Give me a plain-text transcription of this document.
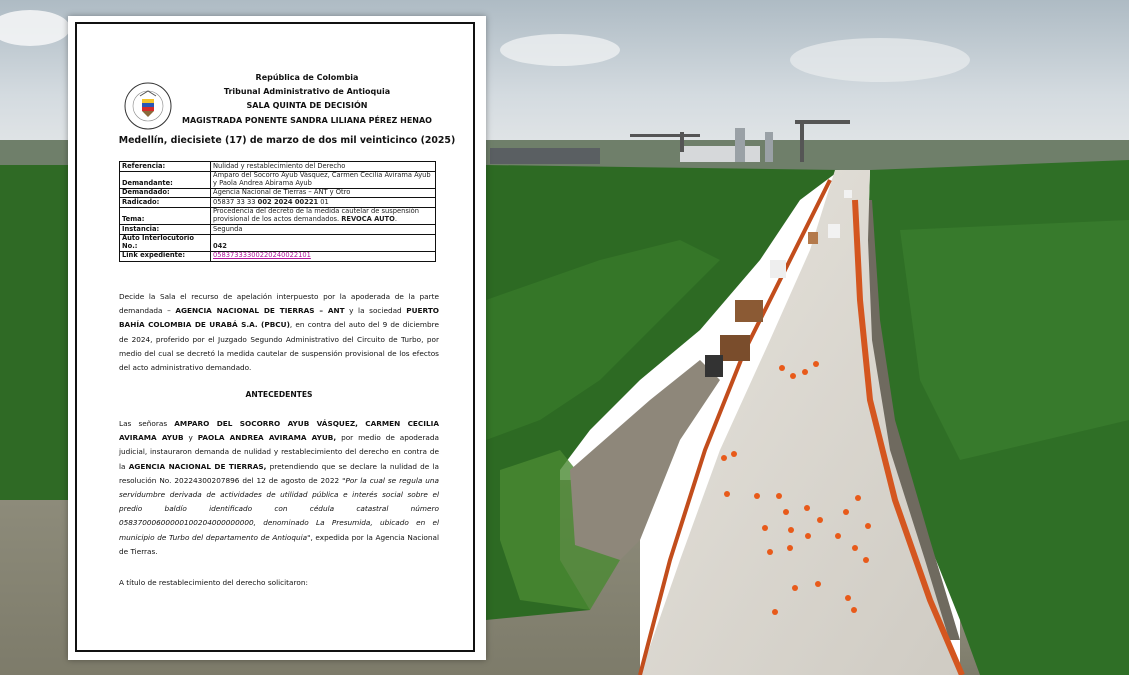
República de Colombia
Tribunal Administrativo de Antioquia
SALA QUINTA DE DECISIÓN
MAGISTRADA PONENTE SANDRA LILIANA PÉREZ HENAO
Medellín, diecisiete (17) de marzo de dos mil veinticinco (2025)
Referencia:	Nulidad y restablecimiento del Derecho
Demandante:	Amparo del Socorro Ayub Vásquez, Carmen Cecilia Avirama Ayub y Paola Andrea Abirama Ayub
Demandado:	Agencia Nacional de Tierras – ANT y Otro
Radicado:	05837 33 33 002 2024 00221 01
Tema:	Procedencia del decreto de la medida cautelar de suspensión provisional de los actos demandados. REVOCA AUTO.
Instancia:	Segunda
Auto Interlocutorio No.:	042
Link expediente:	05837333300220240022101
Decide la Sala el recurso de apelación interpuesto por la apoderada de la parte demandada – AGENCIA NACIONAL DE TIERRAS – ANT y la sociedad PUERTO BAHÍA COLOMBIA DE URABÁ S.A. (PBCU), en contra del auto del 9 de diciembre de 2024, proferido por el Juzgado Segundo Administrativo del Circuito de Turbo, por medio del cual se decretó la medida cautelar de suspensión provisional de los efectos del acto administrativo demandado.
ANTECEDENTES
Las señoras AMPARO DEL SOCORRO AYUB VÁSQUEZ, CARMEN CECILIA AVIRAMA AYUB y PAOLA ANDREA AVIRAMA AYUB, por medio de apoderada judicial, instauraron demanda de nulidad y restablecimiento del derecho en contra de la AGENCIA NACIONAL DE TIERRAS, pretendiendo que se declare la nulidad de la resolución No. 202243002078​96 del 12 de agosto de 2022 "Por la cual se regula una servidumbre derivada de actividades de utilidad pública e interés social sobre el predio baldío identificado con cédula catastral número 05837000600000100204000000000, denominado La Presumida, ubicado en el municipio de Turbo del departamento de Antioquia", expedida por la Agencia Nacional de Tierras.
A título de restablecimiento del derecho solicitaron:
